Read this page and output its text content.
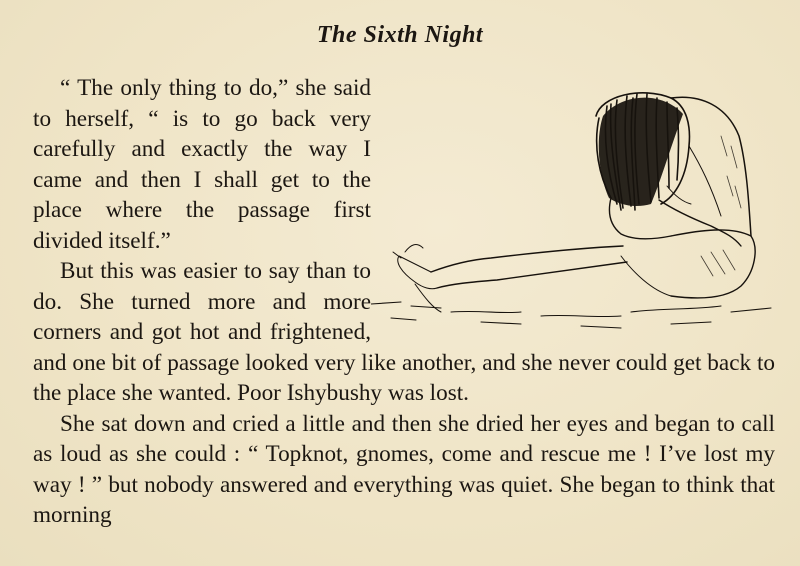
The Sixth Night

“ The only thing to do,” she said to herself, “ is to go back very carefully and exactly the way I came and then I shall get to the place where the passage first divided itself.”

But this was easier to say than to do. She turned more and more corners and got hot and frightened, and one bit of passage looked very like another, and she never could get back to the place she wanted. Poor Ishybushy was lost.

She sat down and cried a little and then she dried her eyes and began to call as loud as she could : “ Topknot, gnomes, come and rescue me ! I’ve lost my way ! ” but nobody answered and everything was quiet. She began to think that morning
